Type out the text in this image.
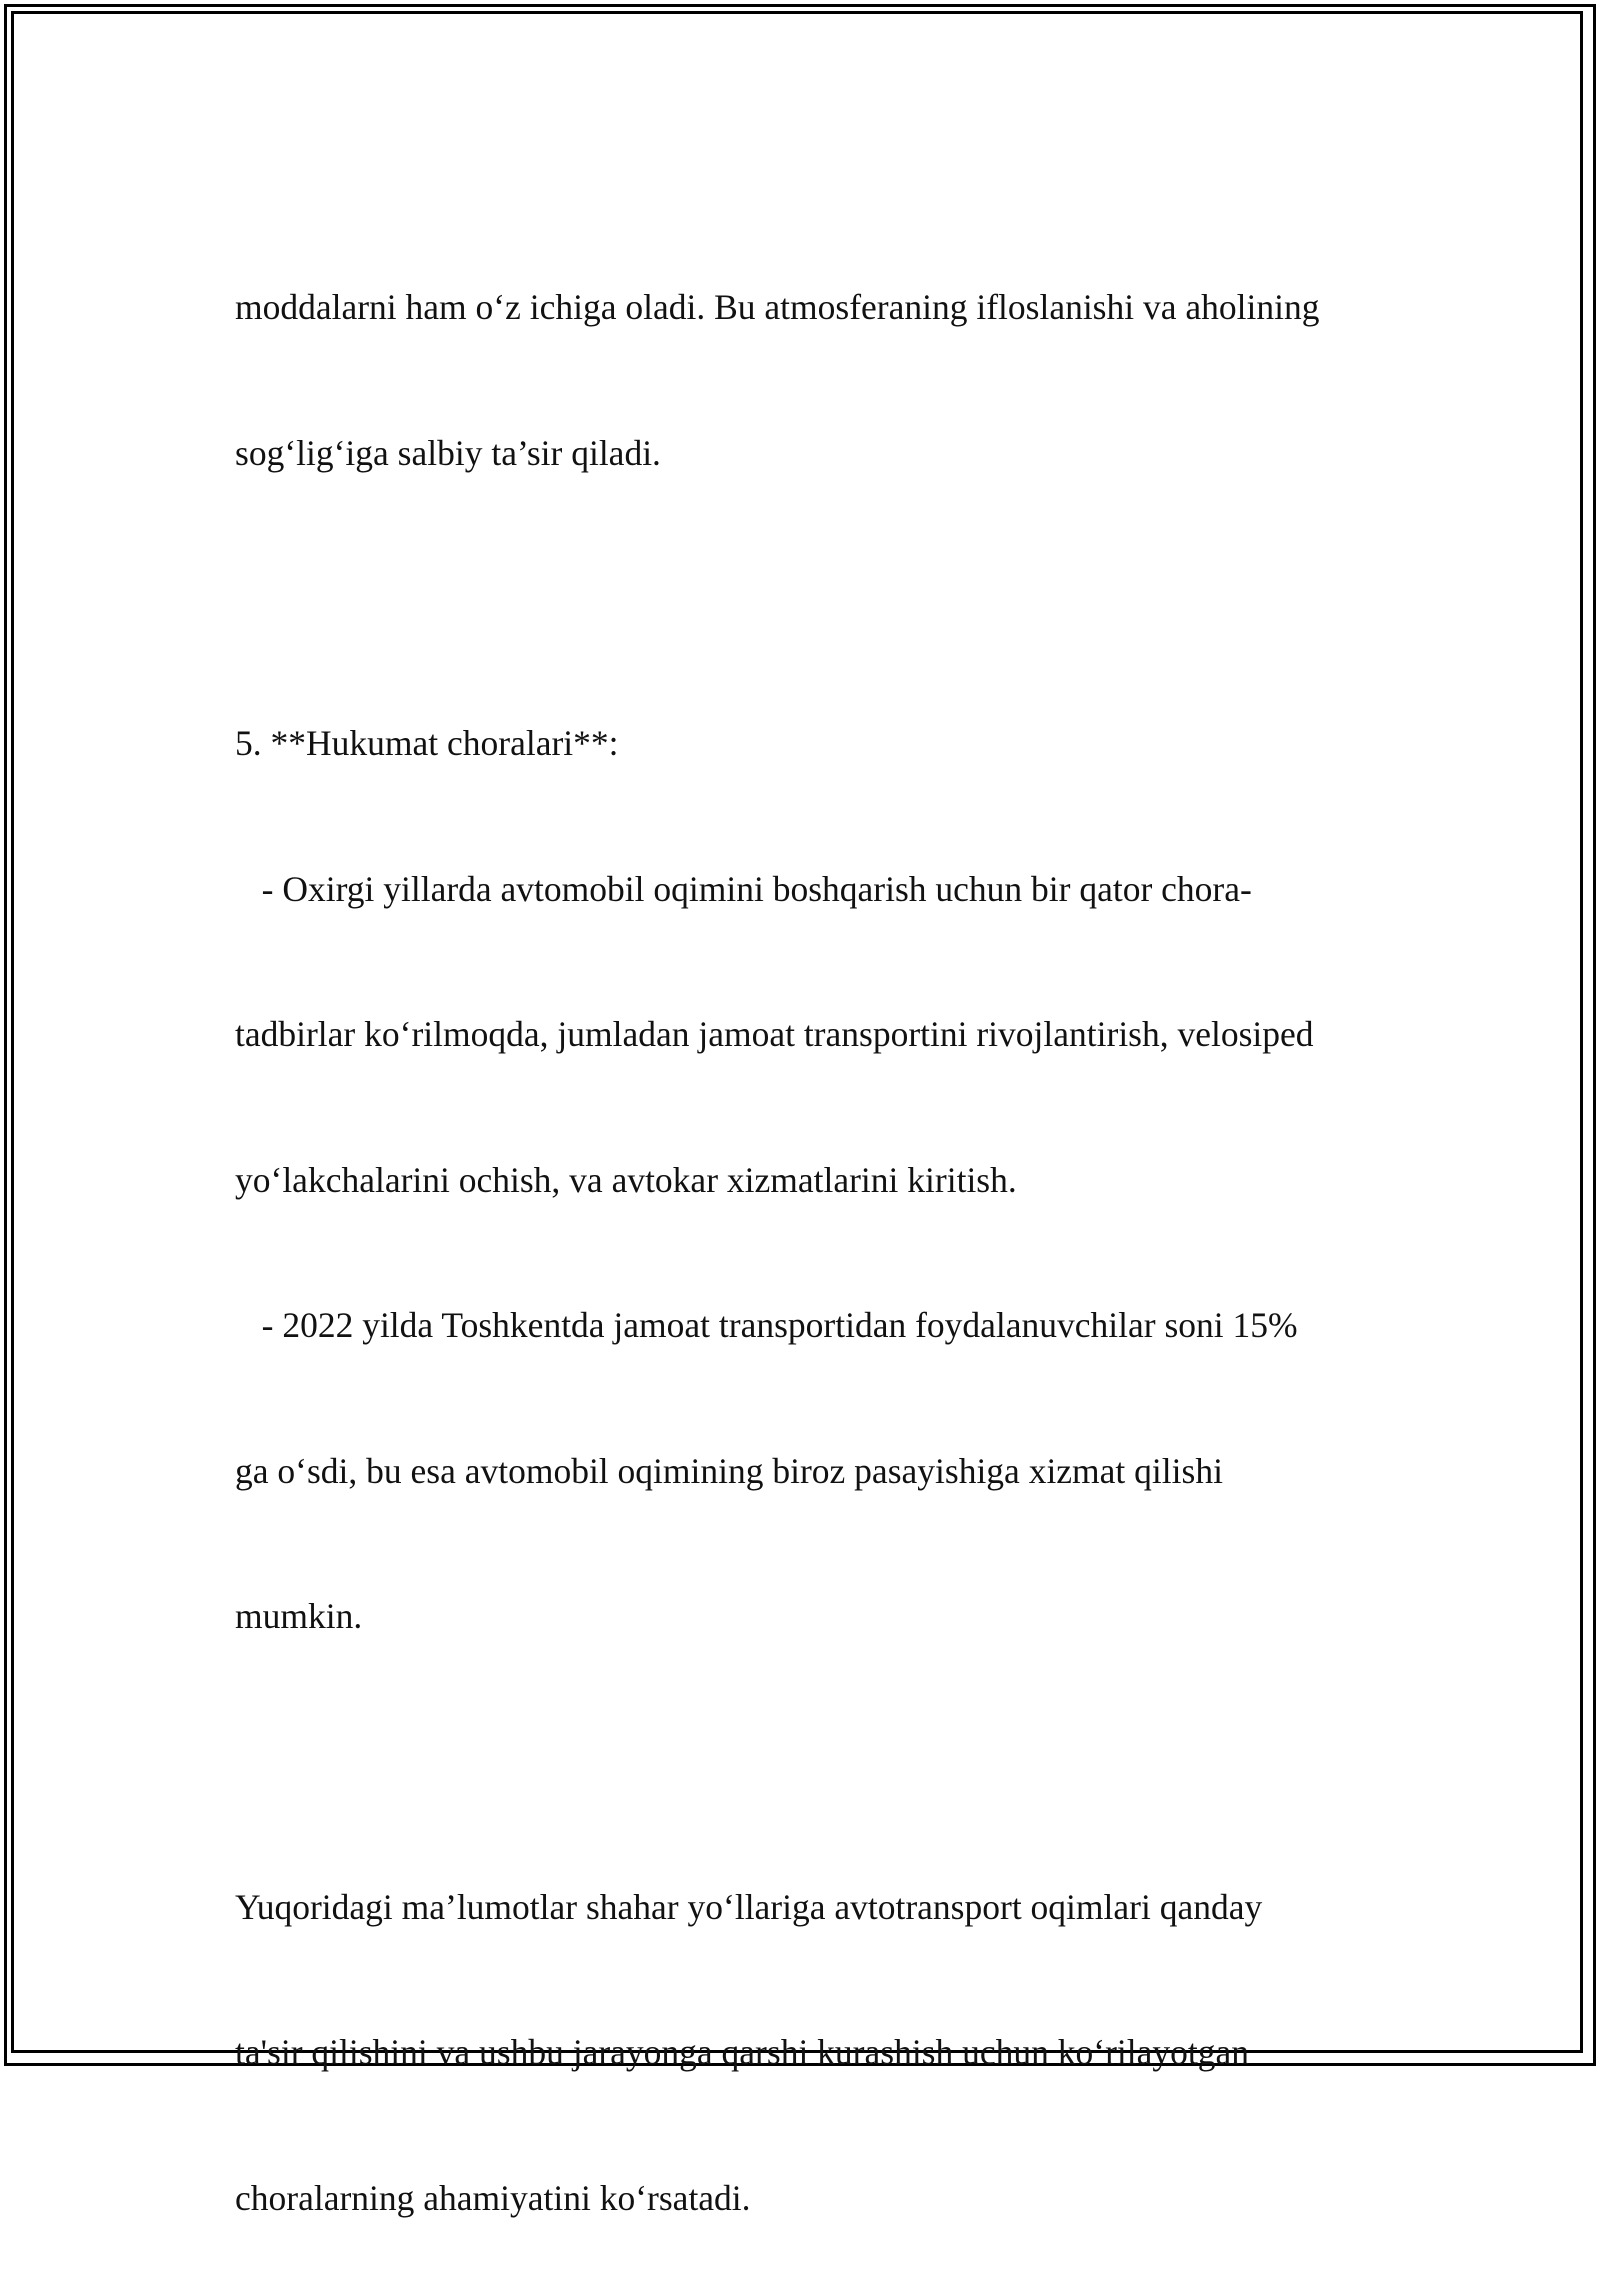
moddalarni ham o‘z ichiga oladi. Bu atmosferaning ifloslanishi va aholining

sog‘lig‘iga salbiy ta’sir qiladi.

5. **Hukumat choralari**:

- Oxirgi yillarda avtomobil oqimini boshqarish uchun bir qator chora-

tadbirlar ko‘rilmoqda, jumladan jamoat transportini rivojlantirish, velosiped

yo‘lakchalarini ochish, va avtokar xizmatlarini kiritish.

- 2022 yilda Toshkentda jamoat transportidan foydalanuvchilar soni 15%

ga o‘sdi, bu esa avtomobil oqimining biroz pasayishiga xizmat qilishi

mumkin.

Yuqoridagi ma’lumotlar shahar yo‘llariga avtotransport oqimlari qanday

ta'sir qilishini va ushbu jarayonga qarshi kurashish uchun ko‘rilayotgan

choralarning ahamiyatini ko‘rsatadi.
